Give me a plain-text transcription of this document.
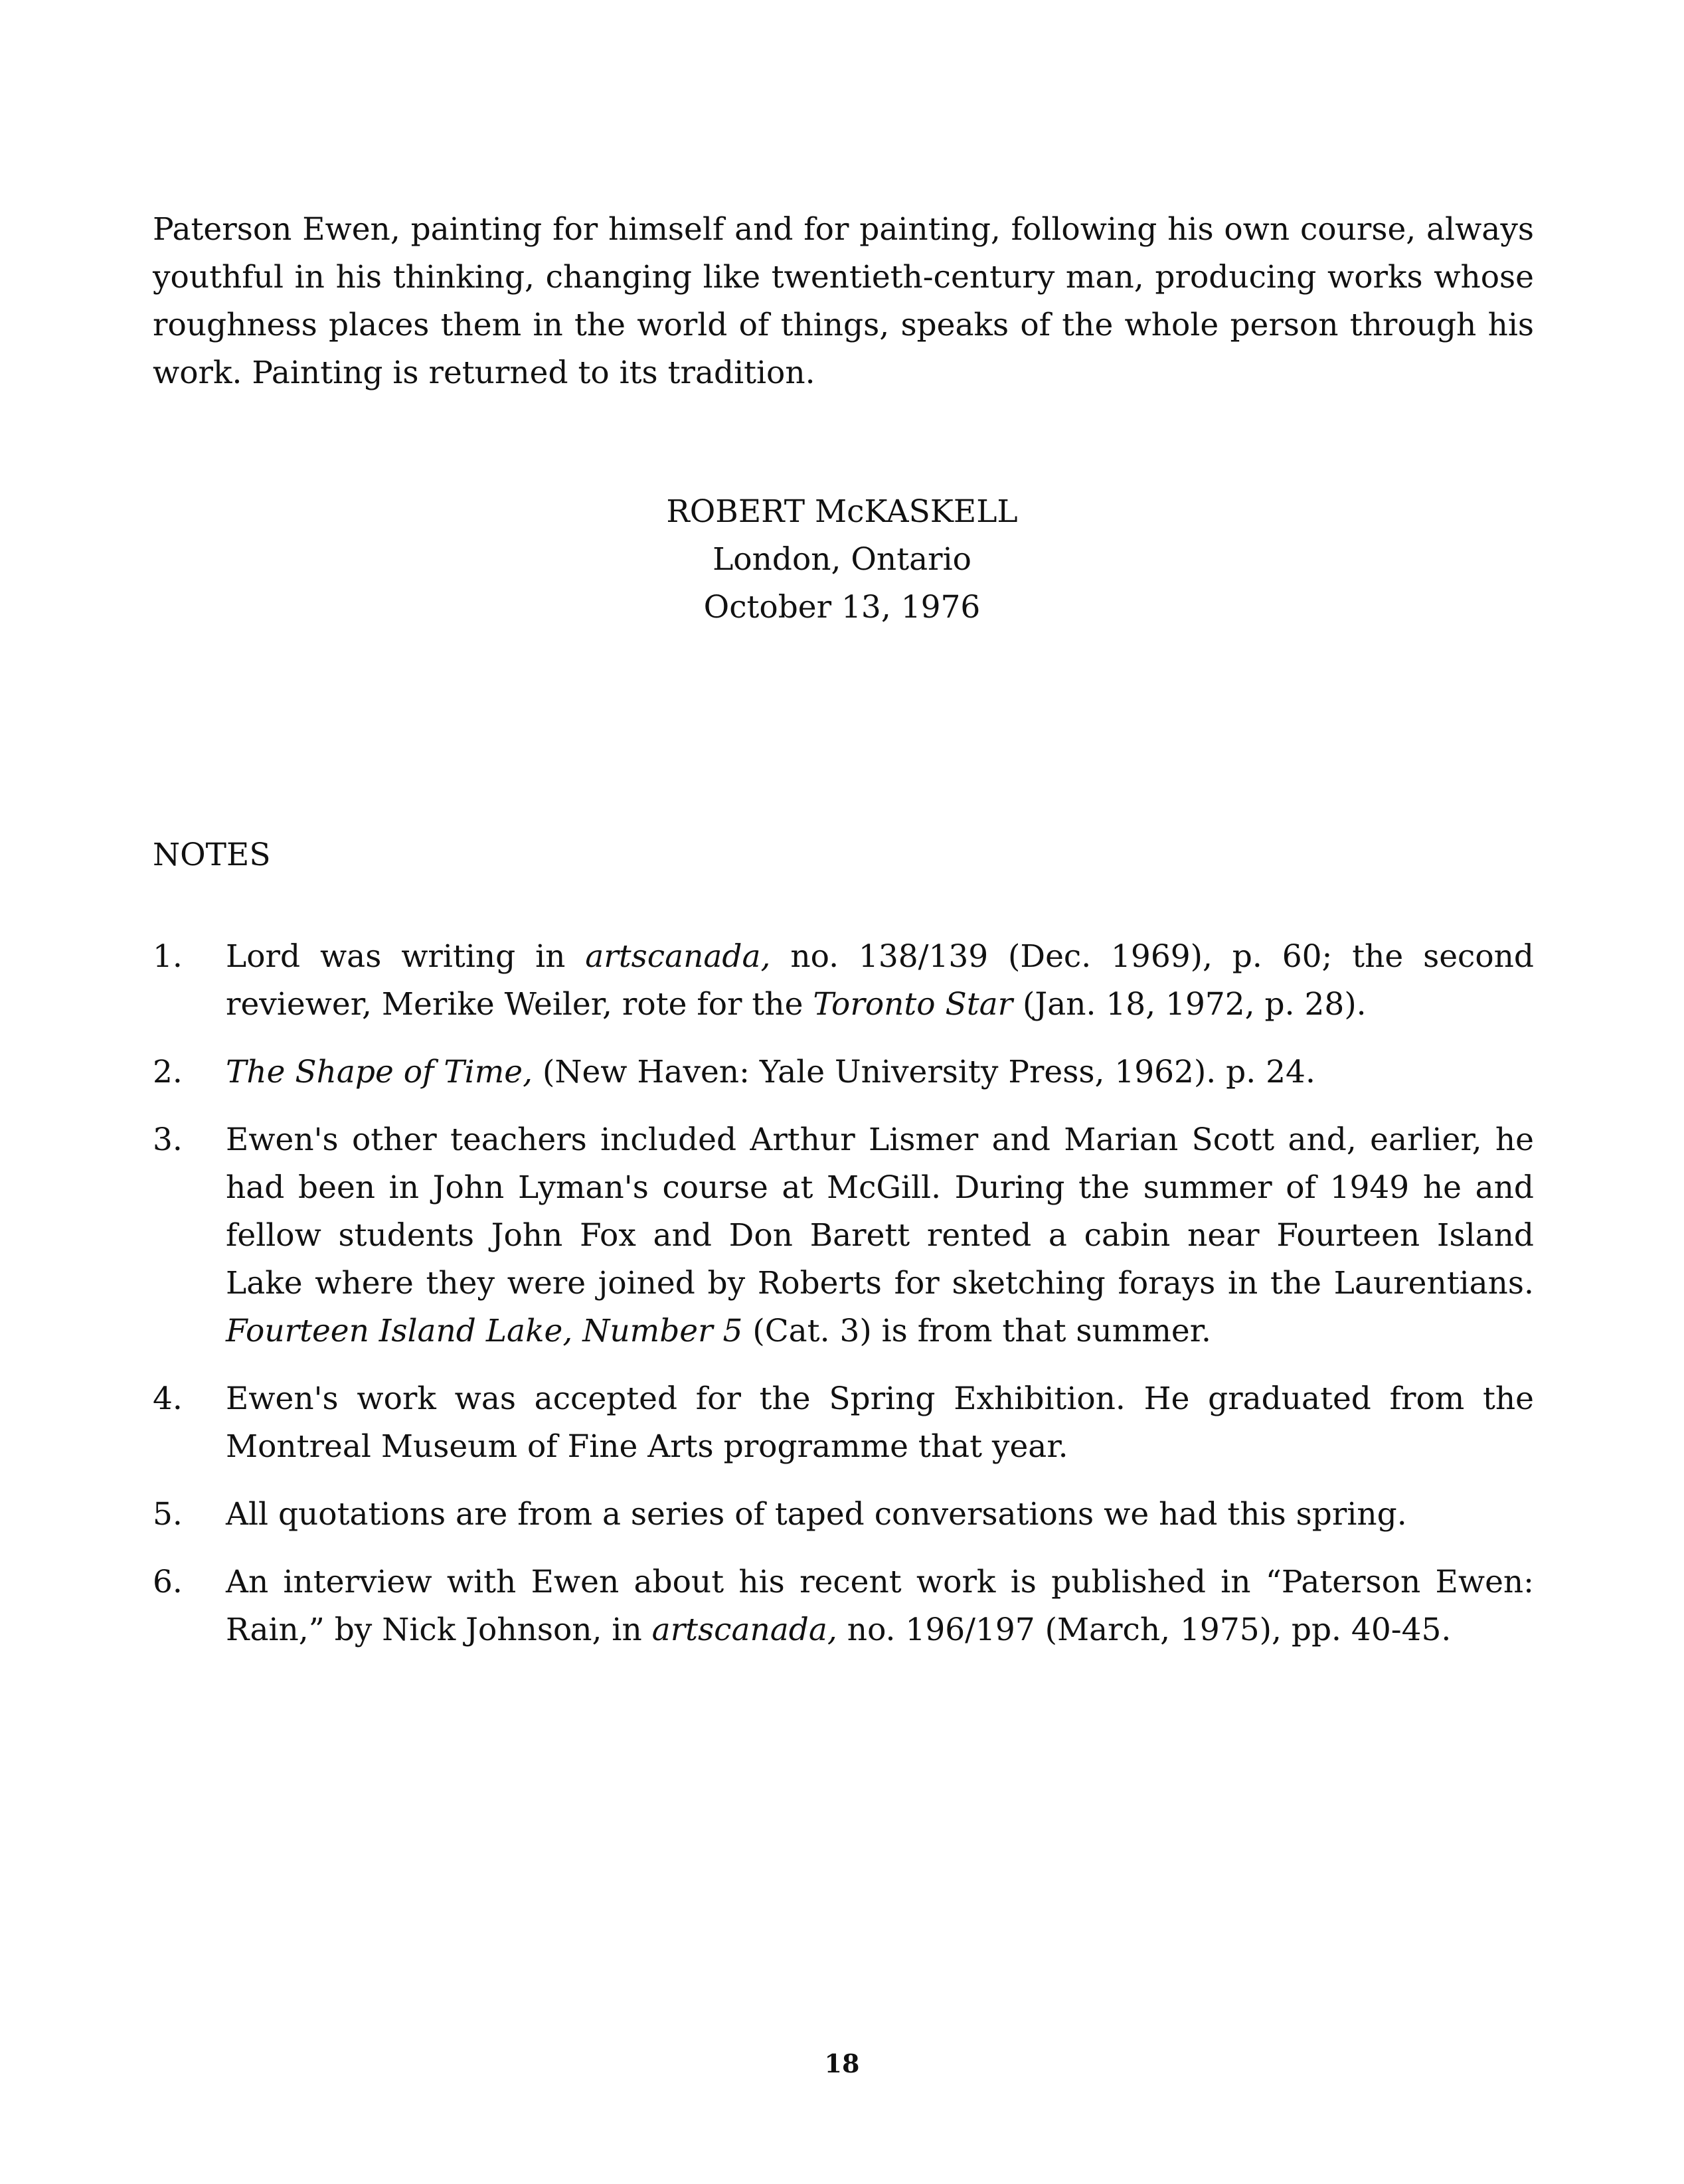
Paterson Ewen, painting for himself and for painting, following his own course, always youthful in his thinking, changing like twentieth-century man, producing works whose roughness places them in the world of things, speaks of the whole person through his work. Painting is returned to its tradition.

ROBERT McKASKELL
London, Ontario
October 13, 1976
NOTES
1. Lord was writing in artscanada, no. 138/139 (Dec. 1969), p. 60; the second reviewer, Merike Weiler, rote for the Toronto Star (Jan. 18, 1972, p. 28).
2. The Shape of Time, (New Haven: Yale University Press, 1962). p. 24.
3. Ewen's other teachers included Arthur Lismer and Marian Scott and, earlier, he had been in John Lyman's course at McGill. During the summer of 1949 he and fellow students John Fox and Don Barett rented a cabin near Fourteen Island Lake where they were joined by Roberts for sketching forays in the Laurentians. Fourteen Island Lake, Number 5 (Cat. 3) is from that summer.
4. Ewen's work was accepted for the Spring Exhibition. He graduated from the Montreal Museum of Fine Arts programme that year.
5. All quotations are from a series of taped conversations we had this spring.
6. An interview with Ewen about his recent work is published in “Paterson Ewen: Rain,” by Nick Johnson, in artscanada, no. 196/197 (March, 1975), pp. 40-45.
18
